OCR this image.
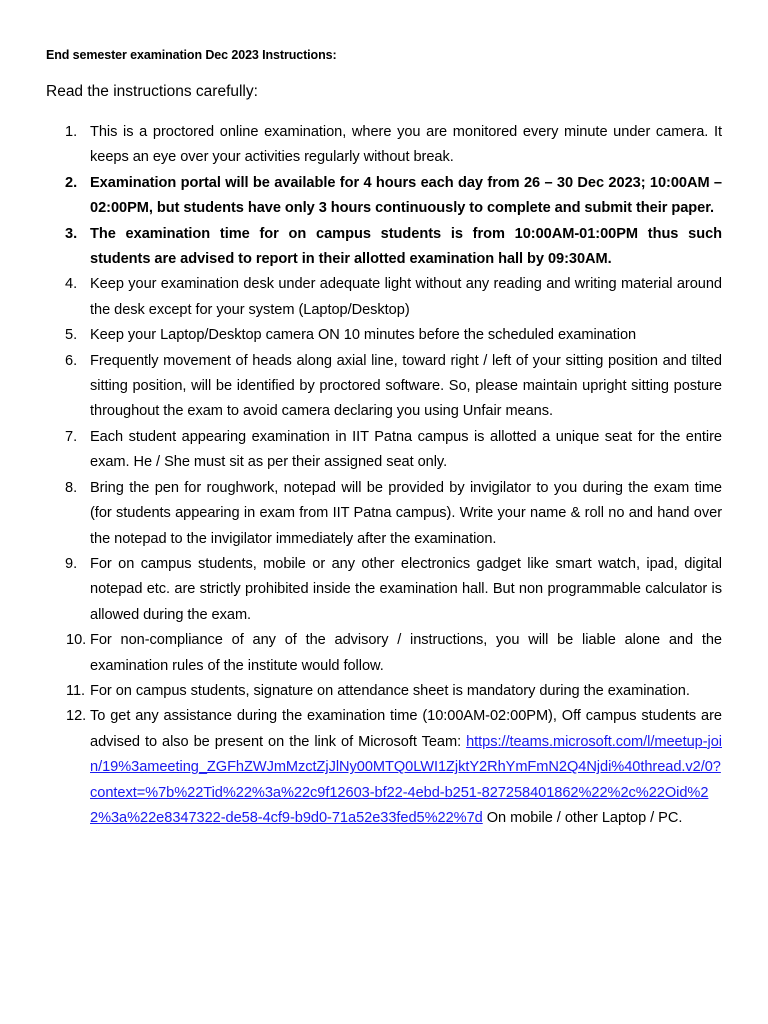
End semester examination Dec 2023 Instructions:
Read the instructions carefully:
1. This is a proctored online examination, where you are monitored every minute under camera. It keeps an eye over your activities regularly without break.
2. Examination portal will be available for 4 hours each day from 26 – 30 Dec 2023; 10:00AM – 02:00PM, but students have only 3 hours continuously to complete and submit their paper.
3. The examination time for on campus students is from 10:00AM-01:00PM thus such students are advised to report in their allotted examination hall by 09:30AM.
4. Keep your examination desk under adequate light without any reading and writing material around the desk except for your system (Laptop/Desktop)
5. Keep your Laptop/Desktop camera ON 10 minutes before the scheduled examination
6. Frequently movement of heads along axial line, toward right / left of your sitting position and tilted sitting position, will be identified by proctored software. So, please maintain upright sitting posture throughout the exam to avoid camera declaring you using Unfair means.
7. Each student appearing examination in IIT Patna campus is allotted a unique seat for the entire exam. He / She must sit as per their assigned seat only.
8. Bring the pen for roughwork, notepad will be provided by invigilator to you during the exam time (for students appearing in exam from IIT Patna campus). Write your name & roll no and hand over the notepad to the invigilator immediately after the examination.
9. For on campus students, mobile or any other electronics gadget like smart watch, ipad, digital notepad etc. are strictly prohibited inside the examination hall. But non programmable calculator is allowed during the exam.
10. For non-compliance of any of the advisory / instructions, you will be liable alone and the examination rules of the institute would follow.
11. For on campus students, signature on attendance sheet is mandatory during the examination.
12. To get any assistance during the examination time (10:00AM-02:00PM), Off campus students are advised to also be present on the link of Microsoft Team: https://teams.microsoft.com/l/meetup-join/19%3ameeting_ZGFhZWJmMzctZjJlNy00MTQ0LWI1ZjktY2RhYmFmN2Q4Njdi%40thread.v2/0?context=%7b%22Tid%22%3a%22c9f12603-bf22-4ebd-b251-827258401862%22%2c%22Oid%22%3a%22e8347322-de58-4cf9-b9d0-71a52e33fed5%22%7d On mobile / other Laptop / PC.
